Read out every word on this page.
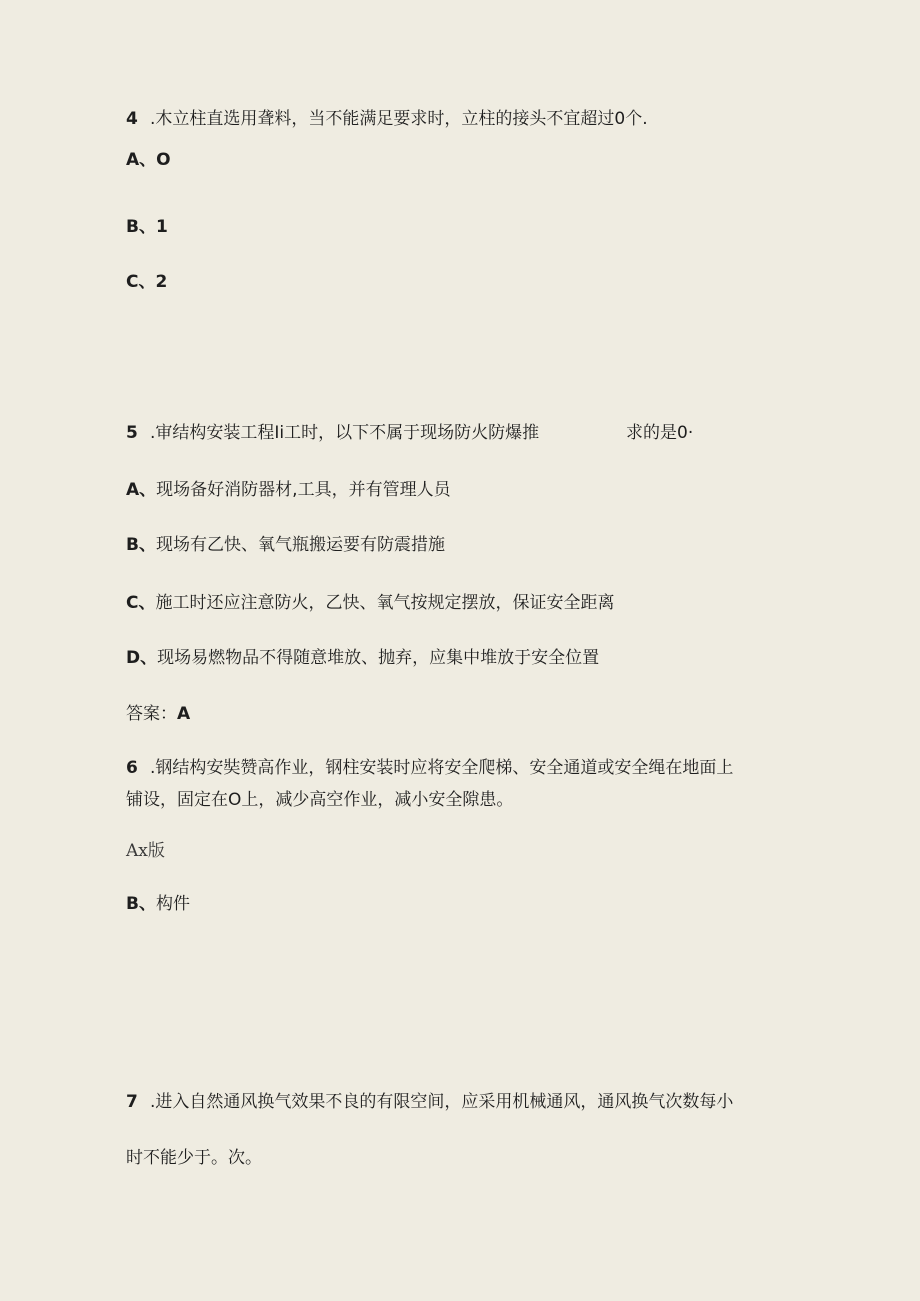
4 .木立柱直选用聋料，当不能满足要求时，立柱的接头不宜超过0个.
A、O
B、1
C、2
5 .审结构安装工程Ii工时，以下不属于现场防火防爆推	求的是0·
A、现场备好消防器材,工具，并有管理人员
B、现场有乙快、氧气瓶搬运要有防震措施
C、施工时还应注意防火，乙快、氧气按规定摆放，保证安全距离
D、现场易燃物品不得随意堆放、抛弃，应集中堆放于安全位置
答案：A
6 .钢结构安奘赞高作业，钢柱安装时应将安全爬梯、安全通道或安全绳在地面上
铺设，固定在O上，减少高空作业，减小安全隙患。
Ax版
B、构件
7 .进入自然通风换气效果不良的有限空间，应采用机械通风，通风换气次数每小
时不能少于。次。
